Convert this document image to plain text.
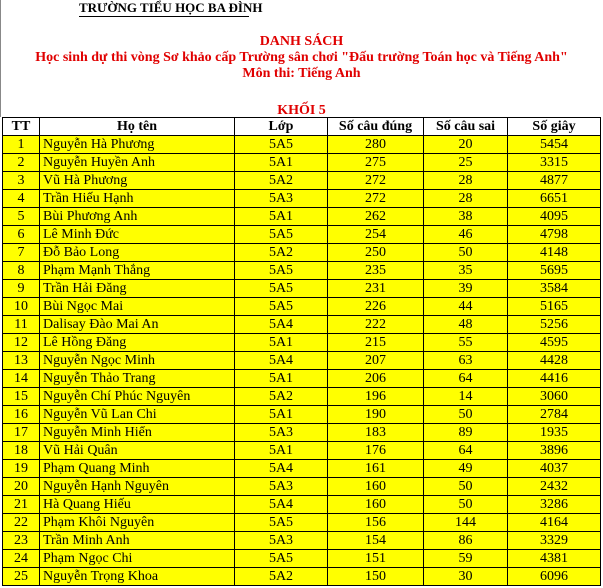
TRƯỜNG TIỂU HỌC BA ĐÌNH
DANH SÁCH
Học sinh dự thi vòng Sơ khảo cấp Trường sân chơi "Đấu trường Toán học và Tiếng Anh"
Môn thi: Tiếng Anh
KHỐI 5
TT	Họ tên	Lớp	Số câu đúng	Số câu sai	Số giây
1	Nguyễn Hà Phương	5A5	280	20	5454
2	Nguyễn Huyền Anh	5A1	275	25	3315
3	Vũ Hà Phương	5A2	272	28	4877
4	Trần Hiếu Hạnh	5A3	272	28	6651
5	Bùi Phương Anh	5A1	262	38	4095
6	Lê Minh Đức	5A5	254	46	4798
7	Đỗ Bảo Long	5A2	250	50	4148
8	Phạm Mạnh Thắng	5A5	235	35	5695
9	Trần Hải Đăng	5A5	231	39	3584
10	Bùi Ngọc Mai	5A5	226	44	5165
11	Dalisay Đào Mai An	5A4	222	48	5256
12	Lê Hồng Đăng	5A1	215	55	4595
13	Nguyễn Ngọc Minh	5A4	207	63	4428
14	Nguyễn Thảo Trang	5A1	206	64	4416
15	Nguyễn Chí Phúc Nguyên	5A2	196	14	3060
16	Nguyễn Vũ Lan Chi	5A1	190	50	2784
17	Nguyễn Minh Hiển	5A3	183	89	1935
18	Vũ Hải Quân	5A1	176	64	3896
19	Phạm Quang Minh	5A4	161	49	4037
20	Nguyễn Hạnh Nguyên	5A3	160	50	2432
21	Hà Quang Hiếu	5A4	160	50	3286
22	Phạm Khôi Nguyên	5A5	156	144	4164
23	Trần Minh Anh	5A3	154	86	3329
24	Phạm Ngọc Chi	5A5	151	59	4381
25	Nguyễn Trọng Khoa	5A2	150	30	6096
